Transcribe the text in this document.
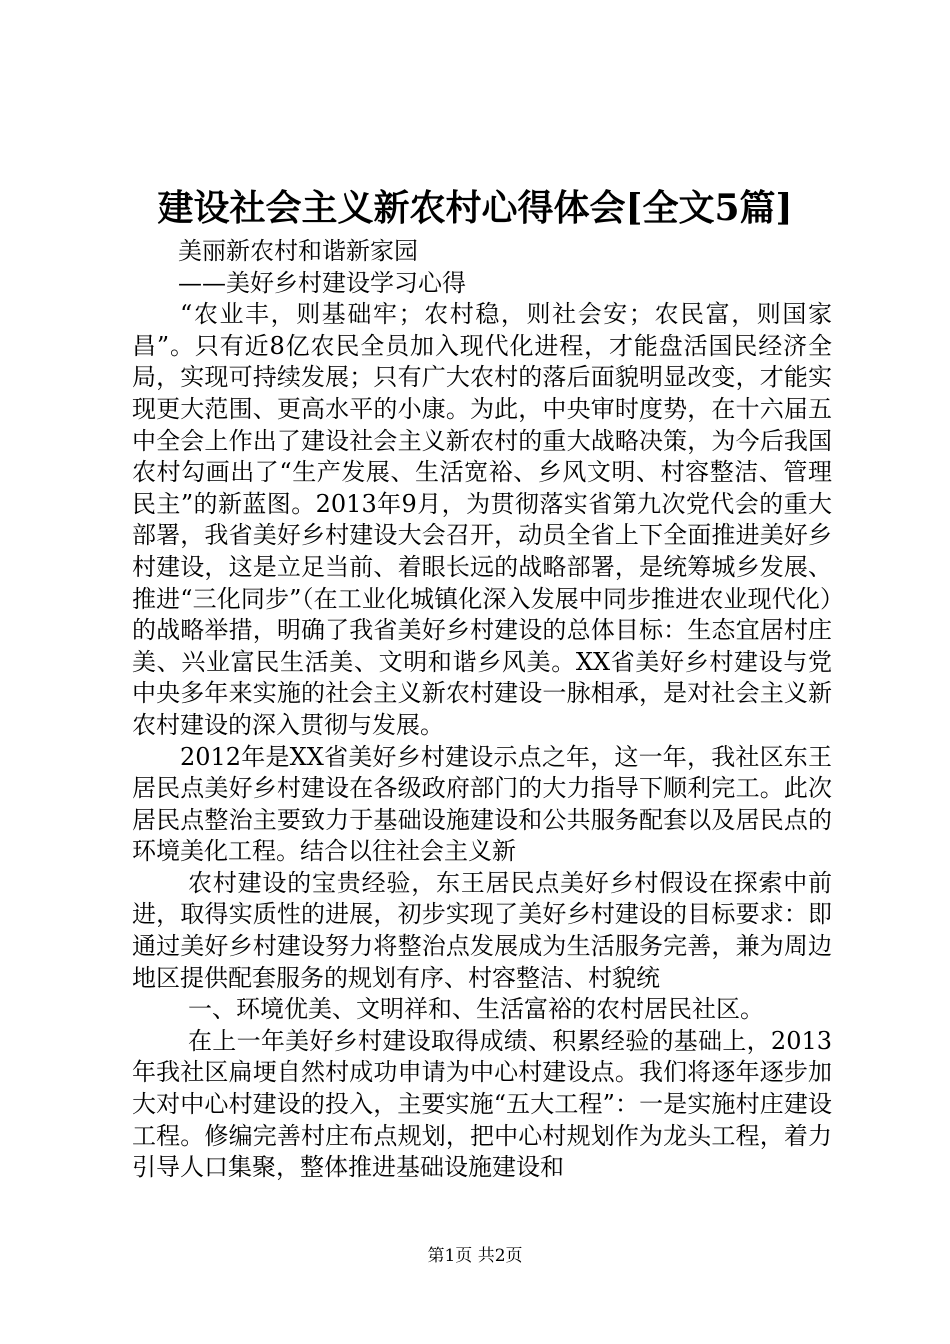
建设社会主义新农村心得体会[全文5篇]

美丽新农村和谐新家园

——美好乡村建设学习心得

“农业丰，则基础牢；农村稳，则社会安；农民富，则国家昌”。只有近8亿农民全员加入现代化进程，才能盘活国民经济全局，实现可持续发展；只有广大农村的落后面貌明显改变，才能实现更大范围、更高水平的小康。为此，中央审时度势，在十六届五中全会上作出了建设社会主义新农村的重大战略决策，为今后我国农村勾画出了“生产发展、生活宽裕、乡风文明、村容整洁、管理民主”的新蓝图。2013年9月，为贯彻落实省第九次党代会的重大部署，我省美好乡村建设大会召开，动员全省上下全面推进美好乡村建设，这是立足当前、着眼长远的战略部署，是统筹城乡发展、推进“三化同步”（在工业化城镇化深入发展中同步推进农业现代化）的战略举措，明确了我省美好乡村建设的总体目标：生态宜居村庄美、兴业富民生活美、文明和谐乡风美。XX省美好乡村建设与党中央多年来实施的社会主义新农村建设一脉相承，是对社会主义新农村建设的深入贯彻与发展。

2012年是XX省美好乡村建设示点之年，这一年，我社区东王居民点美好乡村建设在各级政府部门的大力指导下顺利完工。此次居民点整治主要致力于基础设施建设和公共服务配套以及居民点的环境美化工程。结合以往社会主义新

农村建设的宝贵经验，东王居民点美好乡村假设在探索中前进，取得实质性的进展，初步实现了美好乡村建设的目标要求：即通过美好乡村建设努力将整治点发展成为生活服务完善，兼为周边地区提供配套服务的规划有序、村容整洁、村貌统

一、环境优美、文明祥和、生活富裕的农村居民社区。

在上一年美好乡村建设取得成绩、积累经验的基础上，2013年我社区扁埂自然村成功申请为中心村建设点。我们将逐年逐步加大对中心村建设的投入，主要实施“五大工程”：一是实施村庄建设工程。修编完善村庄布点规划，把中心村规划作为龙头工程，着力引导人口集聚，整体推进基础设施建设和

第1页 共2页
